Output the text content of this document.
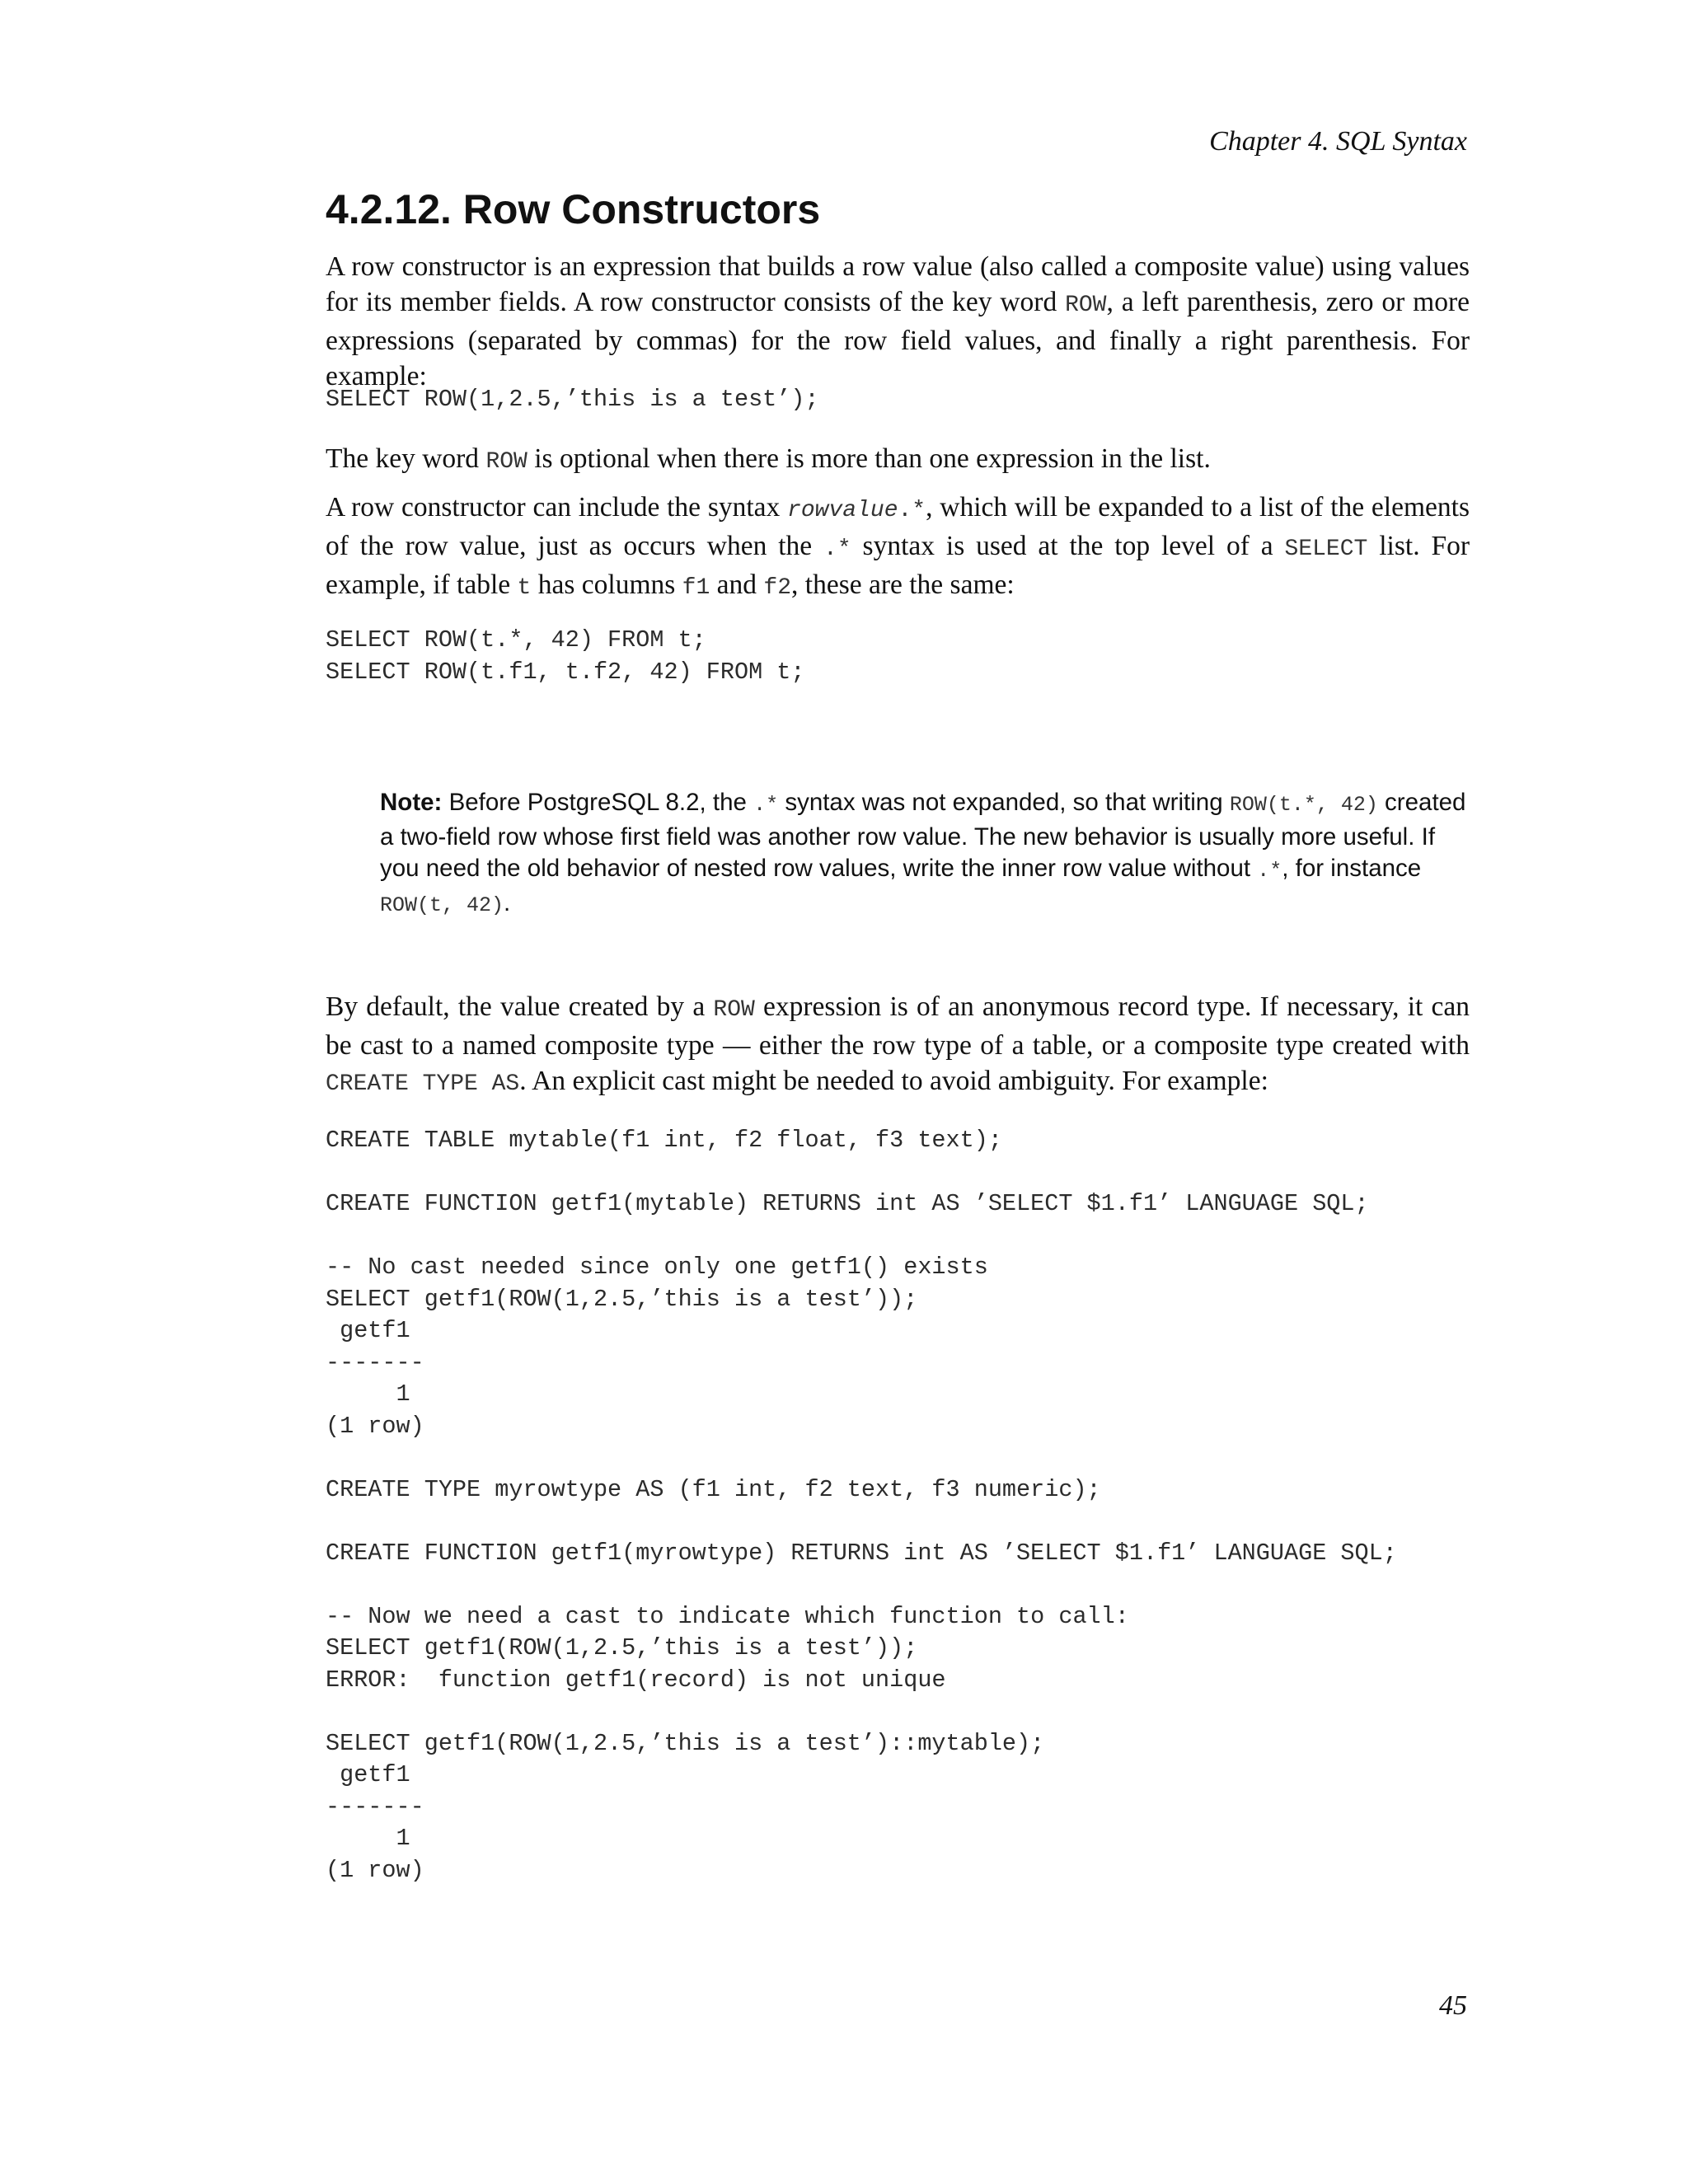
Chapter 4. SQL Syntax
4.2.12. Row Constructors

A row constructor is an expression that builds a row value (also called a composite value) using values for its member fields. A row constructor consists of the key word ROW, a left parenthesis, zero or more expressions (separated by commas) for the row field values, and finally a right parenthesis. For example:

SELECT ROW(1,2.5,’this is a test’);

The key word ROW is optional when there is more than one expression in the list.

A row constructor can include the syntax rowvalue.*, which will be expanded to a list of the elements of the row value, just as occurs when the .* syntax is used at the top level of a SELECT list. For example, if table t has columns f1 and f2, these are the same:

SELECT ROW(t.*, 42) FROM t;
SELECT ROW(t.f1, t.f2, 42) FROM t;

Note: Before PostgreSQL 8.2, the .* syntax was not expanded, so that writing ROW(t.*, 42) created a two-field row whose first field was another row value. The new behavior is usually more useful. If you need the old behavior of nested row values, write the inner row value without .*, for instance ROW(t, 42).

By default, the value created by a ROW expression is of an anonymous record type. If necessary, it can be cast to a named composite type — either the row type of a table, or a composite type created with CREATE TYPE AS. An explicit cast might be needed to avoid ambiguity. For example:

CREATE TABLE mytable(f1 int, f2 float, f3 text);

CREATE FUNCTION getf1(mytable) RETURNS int AS ’SELECT $1.f1’ LANGUAGE SQL;

-- No cast needed since only one getf1() exists
SELECT getf1(ROW(1,2.5,’this is a test’));
getf1
-------
1
(1 row)

CREATE TYPE myrowtype AS (f1 int, f2 text, f3 numeric);

CREATE FUNCTION getf1(myrowtype) RETURNS int AS ’SELECT $1.f1’ LANGUAGE SQL;

-- Now we need a cast to indicate which function to call:
SELECT getf1(ROW(1,2.5,’this is a test’));
ERROR:  function getf1(record) is not unique

SELECT getf1(ROW(1,2.5,’this is a test’)::mytable);
getf1
-------
1
(1 row)
45
